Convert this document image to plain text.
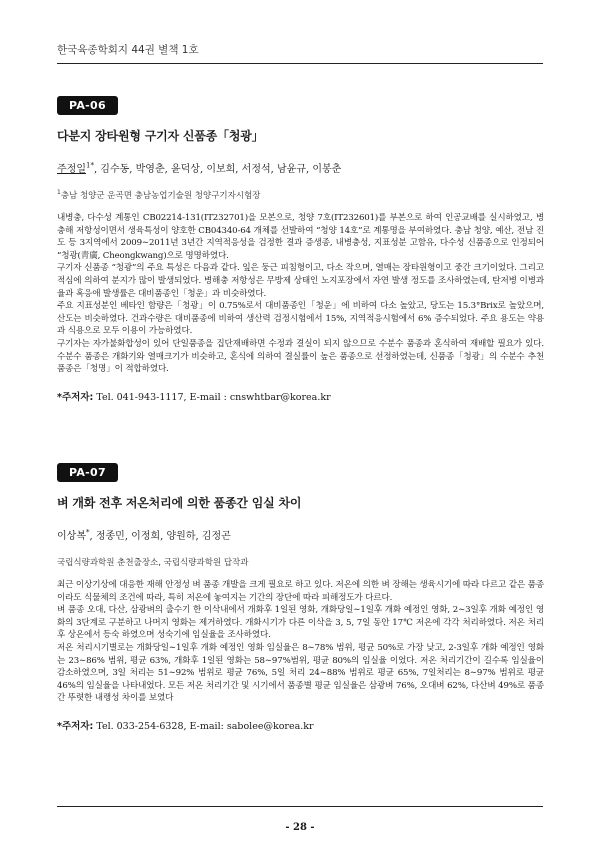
한국육종학회지 44권 별책 1호
PA-06
다분지 장타원형 구기자 신품종「청광」
주정일$^{1*}$, 김수동, 박영춘, 윤덕상, 이보희, 서정석, 남윤규, 이봉춘
$^1$충남 청양군 운곡면 충남농업기술원 청양구기자시험장

내병충, 다수성 계통인 CB02214-131(IT232701)을 모본으로, 청양 7호(IT232601)를 부본으로 하여 인공교배를 실시하였고, 병충해 저항성이면서 생육특성이 양호한 CB04340-64 개체를 선발하여 “청양 14호”로 계통명을 부여하였다. 충남 청양, 예산, 전남 진도 등 3지역에서 2009∼2011년 3년간 지역적응성을 검정한 결과 증생종, 내병충성, 지표성분 고함유, 다수성 신품종으로 인정되어 “청광(靑廣, Cheongkwang)으로 명명하였다.

구기자 신품종 “청광”의 주요 특성은 다음과 같다. 잎은 둥근 피침형이고, 다소 작으며, 열매는 장타원형이고 중간 크기이었다. 그리고 적심에 의하여 분지가 많이 발생되었다. 병해충 저항성은 무방제 상태인 노지포장에서 자연 발생 정도를 조사하였는데, 탄저병 이병과율과 혹응애 발생률은 대비품종인「청운」과 비슷하였다.

주요 지표성분인 베타인 함량은「청광」이 0.75%로서 대비품종인「청운」에 비하여 다소 높았고, 당도는 15.3°Brix로 높았으며, 산도는 비슷하였다. 건과수량은 대비품종에 비하여 생산력 검정시험에서 15%, 지역적응시험에서 6% 증수되었다. 주요 용도는 약용과 식용으로 모두 이용이 가능하였다.

구기자는 자가불화합성이 있어 단일품종을 집단재배하면 수정과 결실이 되지 않으므로 수분수 품종과 혼식하여 재배할 필요가 있다. 수분수 품종은 개화기와 열매크기가 비슷하고, 혼식에 의하여 결실률이 높은 품종으로 선정하였는데, 신품종「청광」의 수분수 추천 품종은「청명」이 적합하였다.

*주저자: Tel. 041-943-1117, E-mail : cnswhtbar@korea.kr
PA-07
벼 개화 전후 저온처리에 의한 품종간 임실 차이
이상복*, 정종민, 이정희, 양원하, 김정곤
국립식량과학원 춘천출장소, 국립식량과학원 답작과

최근 이상기상에 대응한 재해 안정성 벼 품종 개발을 크게 필요로 하고 있다. 저온에 의한 벼 장해는 생육시기에 따라 다르고 같은 품종이라도 식물체의 조건에 따라, 특히 저온에 놓여지는 기간의 장단에 따라 피해정도가 다르다.

벼 품종 오대, 다산, 삼광벼의 출수기 한 이삭내에서 개화후 1일된 영화, 개화당일∼1일후 개화 예정인 영화, 2∼3일후 개화 예정인 영화의 3단계로 구분하고 나머지 영화는 제거하였다. 개화시기가 다른 이삭을 3, 5, 7일 동안 17℃ 저온에 각각 처리하였다. 저온 처리후 상온에서 등숙 하였으며 성숙기에 임실율을 조사하였다.

저온 처리시기별로는 개화당일∼1일후 개화 예정인 영화 임실율은 8∼78% 범위, 평균 50%로 가장 낮고, 2-3일후 개화 예정인 영화는 23∼86% 범위, 평균 63%, 개화후 1일된 영화는 58∼97%범위, 평균 80%의 임실율 이었다. 저온 처리기간이 길수록 임실율이 감소하였으며, 3일 처리는 51∼92% 범위로 평균 76%, 5일 처리 24∼88% 범위로 평균 65%, 7일처리는 8∼97% 범위로 평균 46%의 임실율을 나타내었다. 모든 저온 처리기간 및 시기에서 품종별 평균 임실율은 삼광벼 76%, 오대벼 62%, 다산벼 49%로 품종간 뚜렷한 내랭성 차이를 보였다

*주저자: Tel. 033-254-6328, E-mail: sabolee@korea.kr
- 28 -
